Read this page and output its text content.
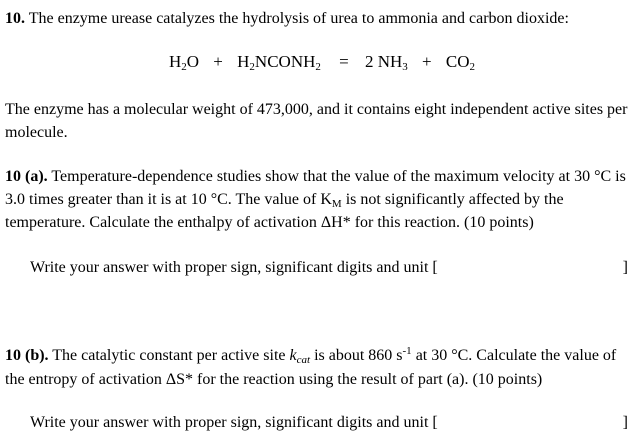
10. The enzyme urease catalyzes the hydrolysis of urea to ammonia and carbon dioxide:

$H_2O$ + $H_2NCONH_2 = 2$ $NH_3 + CO_2$

The enzyme has a molecular weight of 473,000, and it contains eight independent active sites per

molecule.

10 (a). Temperature-dependence studies show that the value of the maximum velocity at 30 °C is

3.0 times greater than it is at 10 °C. The value of $K_M$ is not significantly affected by the

temperature. Calculate the enthalpy of activation ΔH* for this reaction. (10 points)

Write your answer with proper sign, significant digits and unit [	]

10 (b). The catalytic constant per active site $k_{cat}$ is about 860 $s^{-1}$ at 30 °C. Calculate the value of

the entropy of activation ΔS* for the reaction using the result of part (a). (10 points)

Write your answer with proper sign, significant digits and unit [	]
